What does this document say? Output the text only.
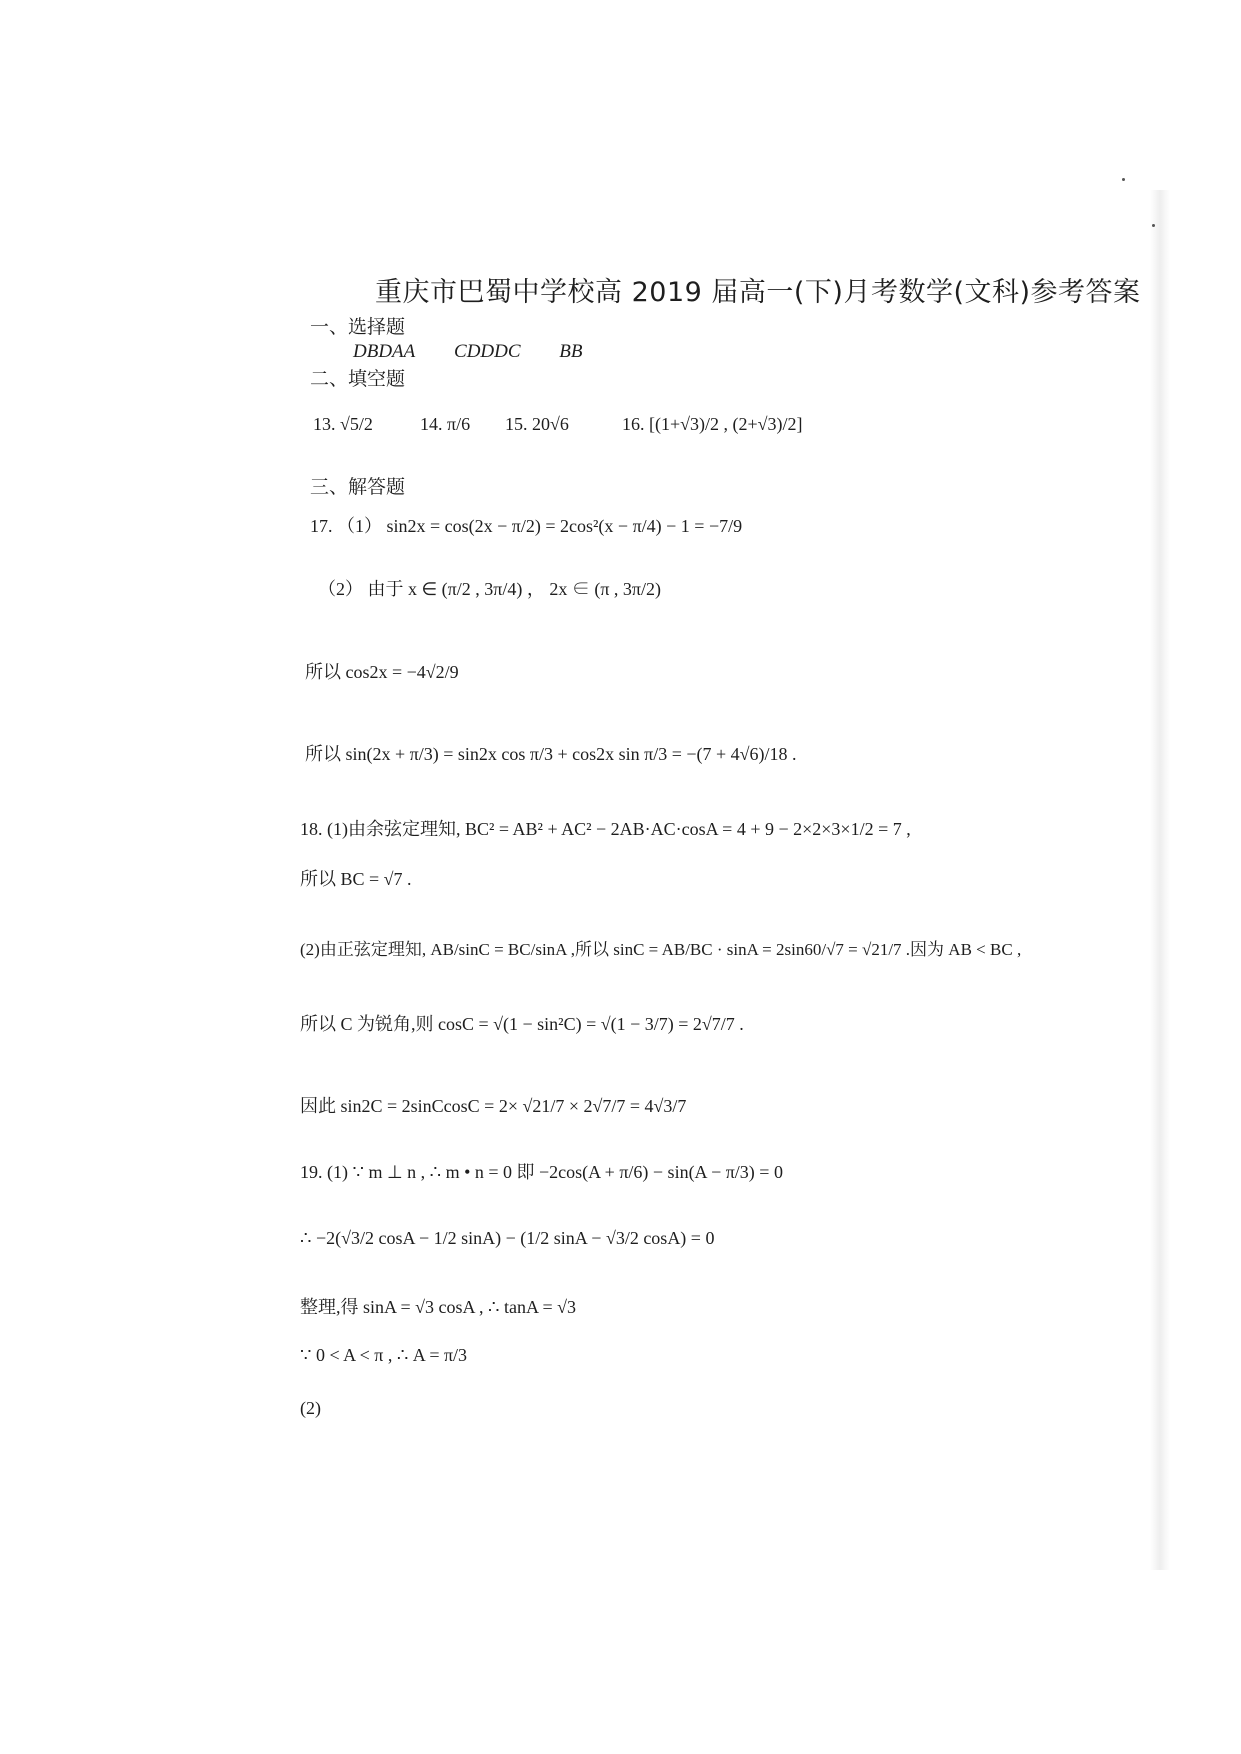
重庆市巴蜀中学校高 2019 届高一(下)月考数学(文科)参考答案
一、选择题
DBDAA CDDDC BB
二、填空题
13. √5/2	14. π/6 15. 20√6	16. [(1+√3)/2 , (2+√3)/2]
三、解答题
17. （1） sin2x = cos(2x − π/2) = 2cos²(x − π/4) − 1 = −7/9
（2） 由于 x ∈ (π/2 , 3π/4) ， 2x ∈ (π , 3π/2)
所以 cos2x = −4√2/9
所以 sin(2x + π/3) = sin2x cos π/3 + cos2x sin π/3 = −(7 + 4√6)/18 .
18. (1)由余弦定理知, BC² = AB² + AC² − 2AB·AC·cosA = 4 + 9 − 2×2×3×1/2 = 7 ,
所以 BC = √7 .
(2)由正弦定理知, AB/sinC = BC/sinA ,所以 sinC = AB/BC · sinA = 2sin60/√7 = √21/7 .因为 AB < BC ,
所以 C 为锐角,则 cosC = √(1 − sin²C) = √(1 − 3/7) = 2√7/7 .
因此 sin2C = 2sinCcosC = 2× √21/7 × 2√7/7 = 4√3/7
19. (1) ∵ m ⊥ n , ∴ m • n = 0 即 −2cos(A + π/6) − sin(A − π/3) = 0
∴ −2(√3/2 cosA − 1/2 sinA) − (1/2 sinA − √3/2 cosA) = 0
整理,得 sinA = √3 cosA , ∴ tanA = √3
∵ 0 < A < π , ∴ A = π/3
(2)
